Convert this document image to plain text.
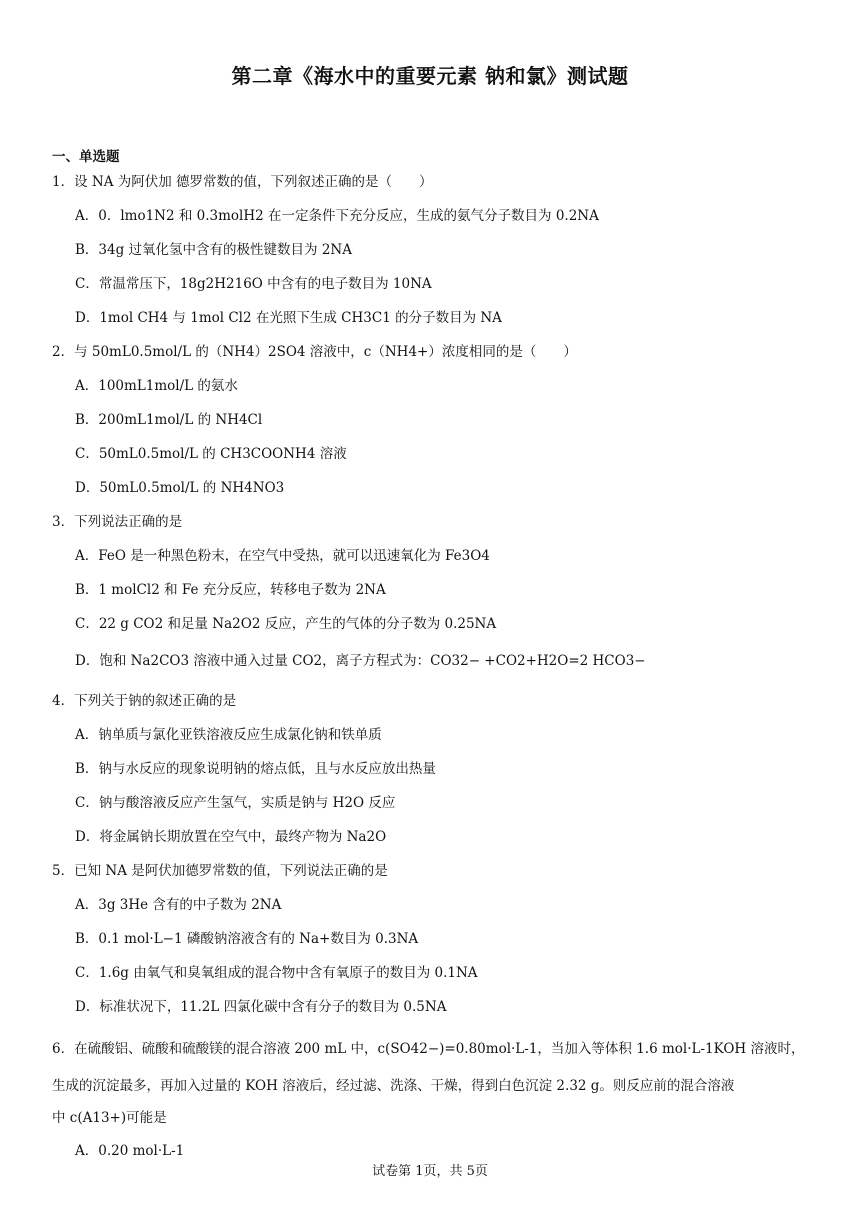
第二章《海水中的重要元素 钠和氯》测试题
一、单选题
1．设 NA 为阿伏加 德罗常数的值，下列叙述正确的是（　　）
A．0．lmo1N2 和 0.3molH2 在一定条件下充分反应，生成的氨气分子数目为 0.2NA
B．34g 过氧化氢中含有的极性键数目为 2NA
C．常温常压下，18g2H216O 中含有的电子数目为 10NA
D．1mol CH4 与 1mol Cl2 在光照下生成 CH3C1 的分子数目为 NA
2．与 50mL0.5mol/L 的（NH4）2SO4 溶液中，c（NH4+）浓度相同的是（　　）
A．100mL1mol/L 的氨水
B．200mL1mol/L 的 NH4Cl
C．50mL0.5mol/L 的 CH3COONH4 溶液
D．50mL0.5mol/L 的 NH4NO3
3．下列说法正确的是
A．FeO 是一种黑色粉末，在空气中受热，就可以迅速氧化为 Fe3O4
B．1 molCl2 和 Fe 充分反应，转移电子数为 2NA
C．22 g CO2 和足量 Na2O2 反应，产生的气体的分子数为 0.25NA
D．饱和 Na2CO3 溶液中通入过量 CO2，离子方程式为：CO32− +CO2+H2O=2 HCO3−
4．下列关于钠的叙述正确的是
A．钠单质与氯化亚铁溶液反应生成氯化钠和铁单质
B．钠与水反应的现象说明钠的熔点低，且与水反应放出热量
C．钠与酸溶液反应产生氢气，实质是钠与 H2O 反应
D．将金属钠长期放置在空气中，最终产物为 Na2O
5．已知 NA 是阿伏加德罗常数的值，下列说法正确的是
A．3g 3He 含有的中子数为 2NA
B．0.1 mol·L−1 磷酸钠溶液含有的 Na+数目为 0.3NA
C．1.6g 由氧气和臭氧组成的混合物中含有氧原子的数目为 0.1NA
D．标准状况下，11.2L 四氯化碳中含有分子的数目为 0.5NA
6．在硫酸铝、硫酸和硫酸镁的混合溶液 200 mL 中，c(SO42−)=0.80mol·L-1，当加入等体积 1.6 mol·L-1KOH 溶液时，
生成的沉淀最多，再加入过量的 KOH 溶液后，经过滤、洗涤、干燥，得到白色沉淀 2.32 g。则反应前的混合溶液
中 c(A13+)可能是
A．0.20 mol·L-1
试卷第 1页，共 5页
